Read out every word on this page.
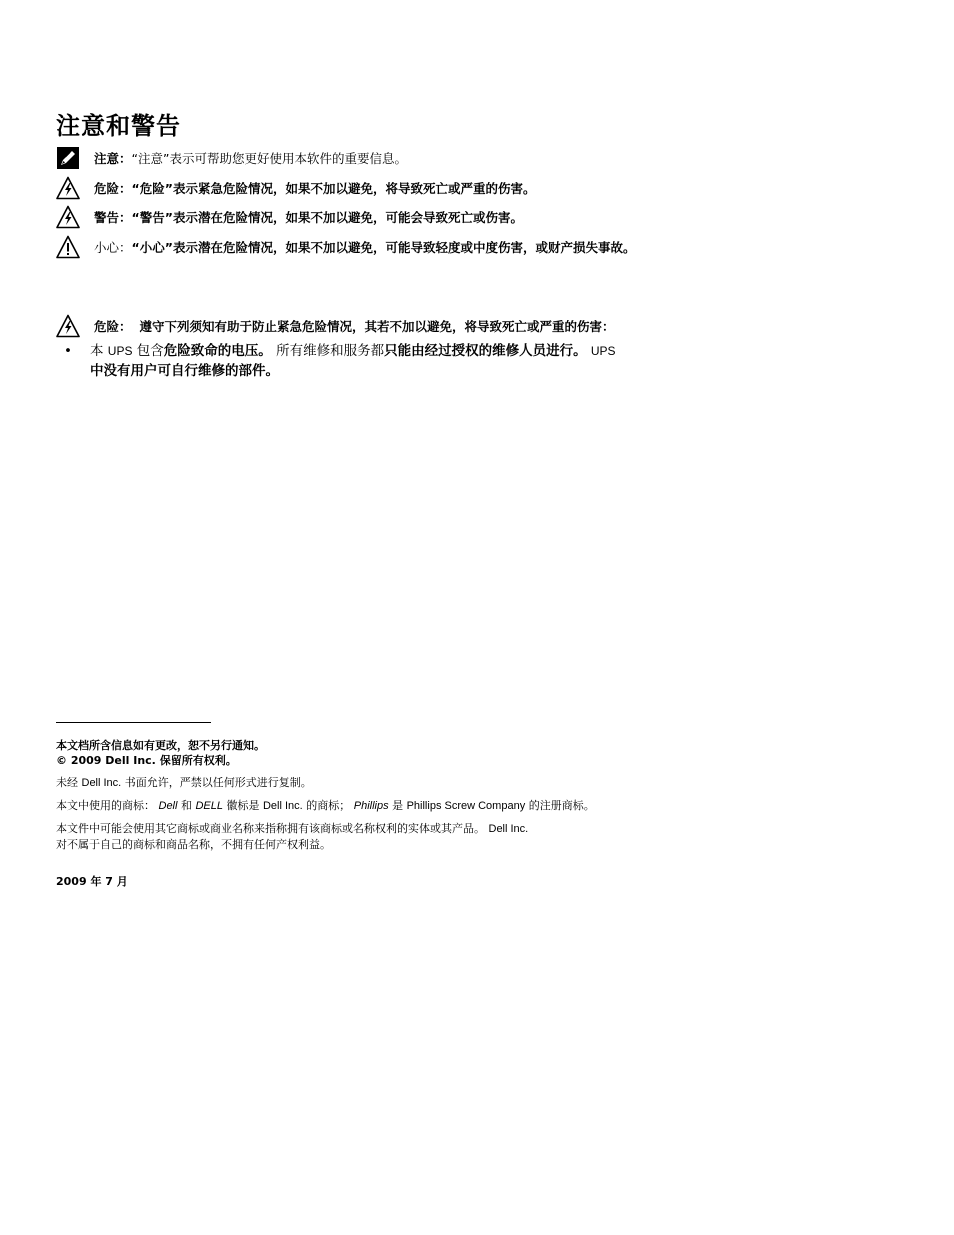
注意和警告
注意： “注意”表示可帮助您更好使用本软件的重要信息。
危险： “危险”表示紧急危险情况，如果不加以避免，将导致死亡或严重的伤害。
警告： “警告”表示潜在危险情况，如果不加以避免，可能会导致死亡或伤害。
小心： “小心”表示潜在危险情况，如果不加以避免，可能导致轻度或中度伤害，或财产损失事故。
危险： 遵守下列须知有助于防止紧急危险情况，其若不加以避免，将导致死亡或严重的伤害：
• 本 UPS 包含危险致命的电压。 所有维修和服务都只能由经过授权的维修人员进行。 UPS
中没有用户可自行维修的部件。
本文档所含信息如有更改，恕不另行通知。
© 2009 Dell Inc. 保留所有权利。
未经 Dell Inc. 书面允许，严禁以任何形式进行复制。
本文中使用的商标： Dell 和 DELL 徽标是 Dell Inc. 的商标； Phillips 是 Phillips Screw Company 的注册商标。
本文件中可能会使用其它商标或商业名称来指称拥有该商标或名称权利的实体或其产品。 Dell Inc.
对不属于自己的商标和商品名称，不拥有任何产权利益。
2009 年 7 月
